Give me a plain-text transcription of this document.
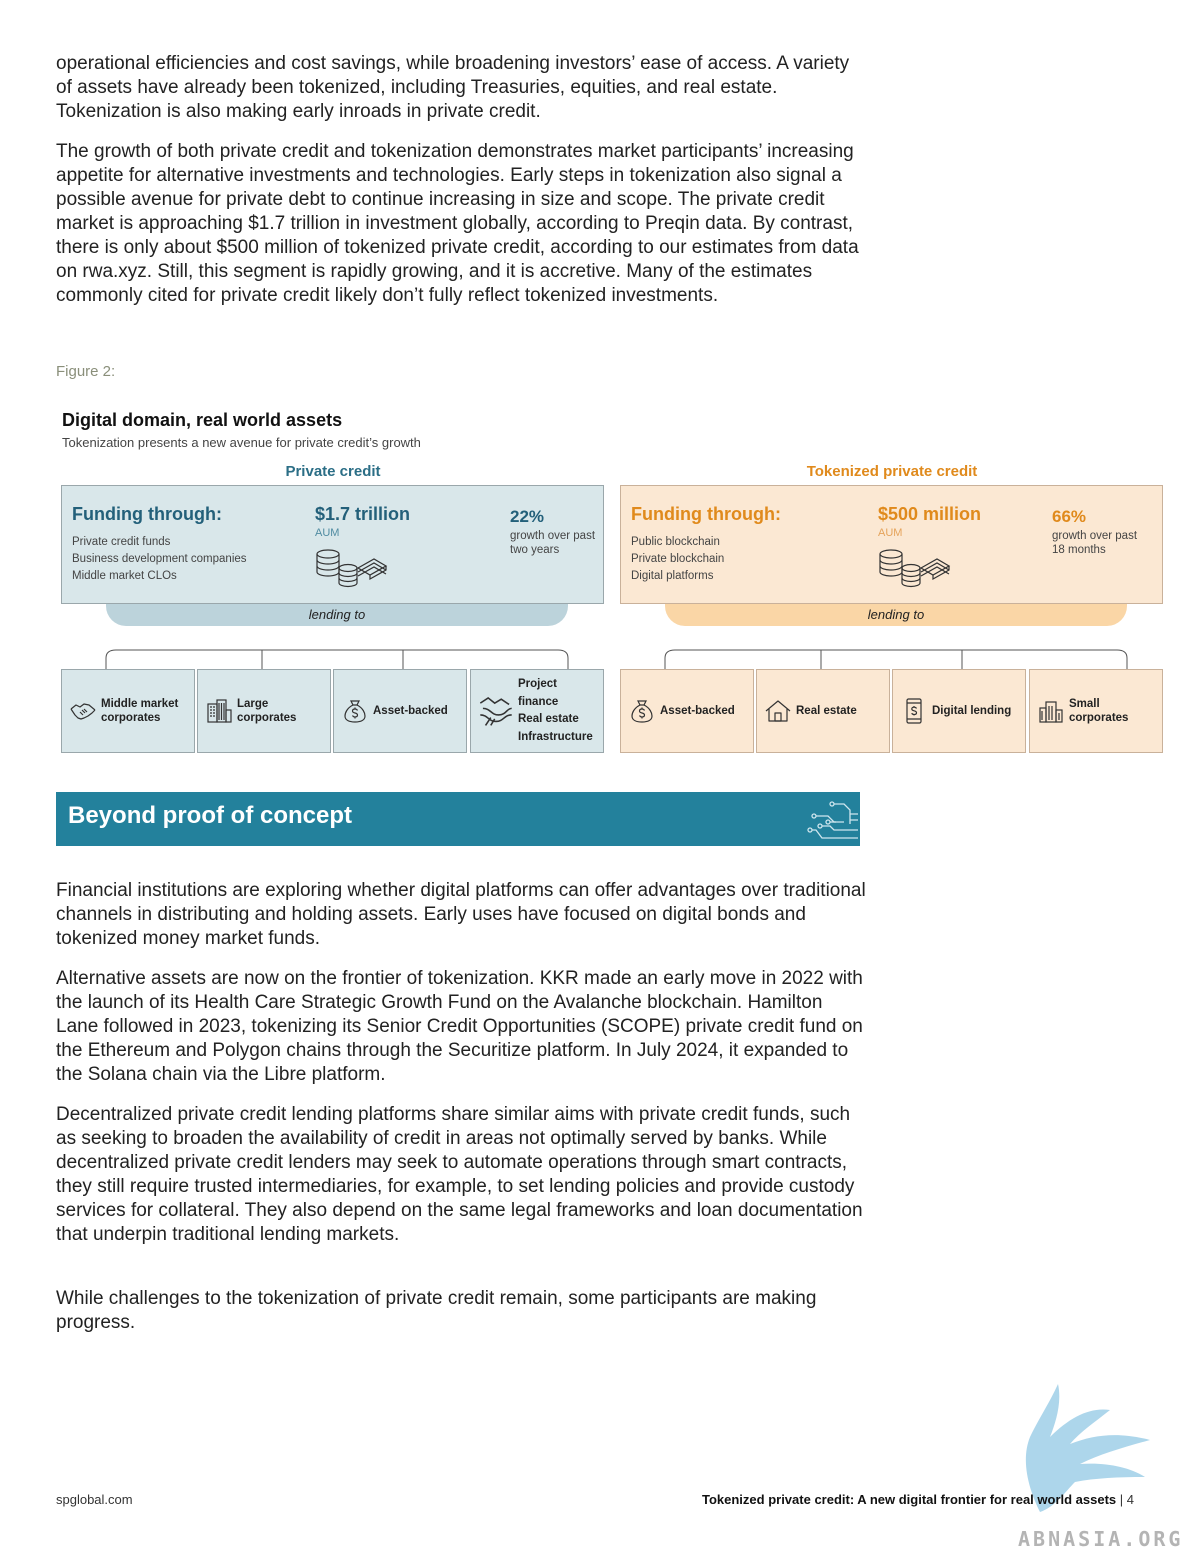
operational efficiencies and cost savings, while broadening investors’ ease of access. A variety of assets have already been tokenized, including Treasuries, equities, and real estate. Tokenization is also making early inroads in private credit.

The growth of both private credit and tokenization demonstrates market participants’ increasing appetite for alternative investments and technologies. Early steps in tokenization also signal a possible avenue for private debt to continue increasing in size and scope. The private credit market is approaching $1.7 trillion in investment globally, according to Preqin data. By contrast, there is only about $500 million of tokenized private credit, according to our estimates from data on rwa.xyz. Still, this segment is rapidly growing, and it is accretive. Many of the estimates commonly cited for private credit likely don’t fully reflect tokenized investments.

Figure 2:
Digital domain, real world assets
Tokenization presents a new avenue for private credit’s growth
Private credit	Tokenized private credit
Funding through:
Private credit funds
Business development companies
Middle market CLOs
$1.7 trillion
AUM
22%
growth over past two years
Funding through:
Public blockchain
Private blockchain
Digital platforms
$500 million
AUM
66%
growth over past 18 months
lending to	lending to
Middle market corporates
Large corporates
Asset-backed
Project finance
Real estate
Infrastructure
Asset-backed	Real estate	Digital lending
Small corporates
Beyond proof of concept

Financial institutions are exploring whether digital platforms can offer advantages over traditional channels in distributing and holding assets. Early uses have focused on digital bonds and tokenized money market funds.

Alternative assets are now on the frontier of tokenization. KKR made an early move in 2022 with the launch of its Health Care Strategic Growth Fund on the Avalanche blockchain. Hamilton Lane followed in 2023, tokenizing its Senior Credit Opportunities (SCOPE) private credit fund on the Ethereum and Polygon chains through the Securitize platform. In July 2024, it expanded to the Solana chain via the Libre platform.

Decentralized private credit lending platforms share similar aims with private credit funds, such as seeking to broaden the availability of credit in areas not optimally served by banks. While decentralized private credit lenders may seek to automate operations through smart contracts, they still require trusted intermediaries, for example, to set lending policies and provide custody services for collateral. They also depend on the same legal frameworks and loan documentation that underpin traditional lending markets.

While challenges to the tokenization of private credit remain, some participants are making progress.

ABNASIA.ORG
spglobal.com	Tokenized private credit: A new digital frontier for real world assets | 4
